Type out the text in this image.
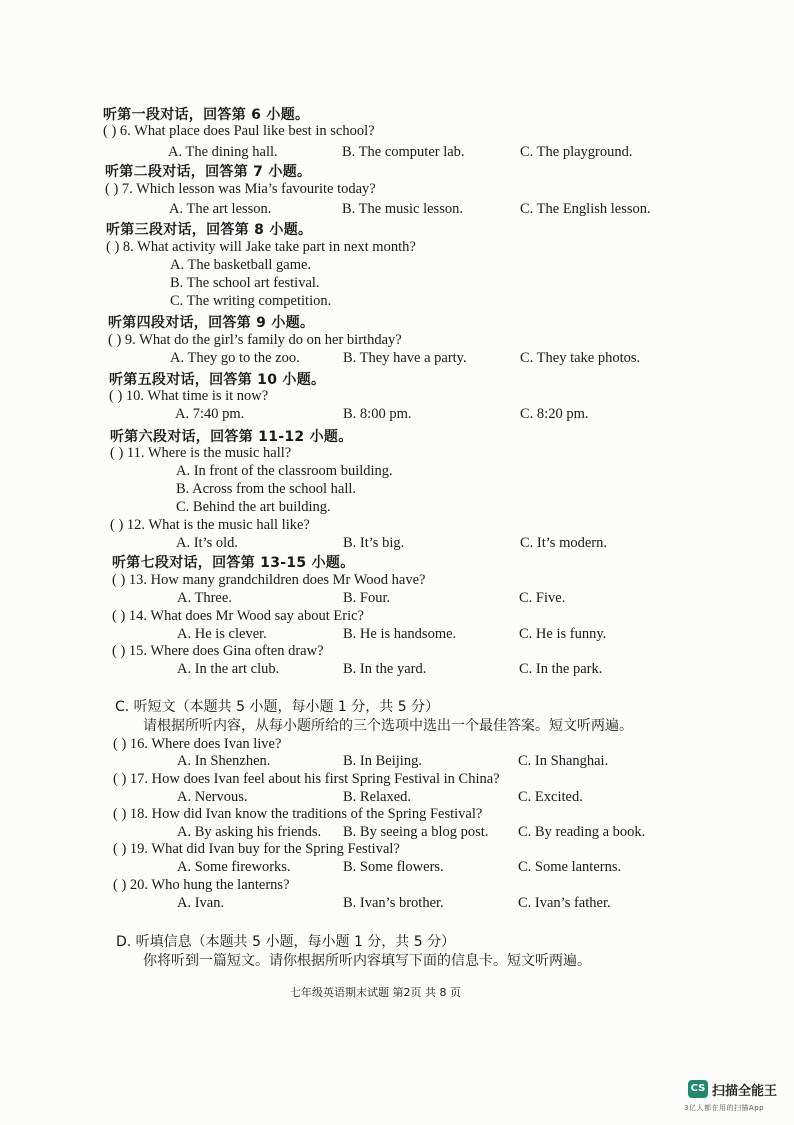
听第一段对话，回答第 6 小题。
( ) 6. What place does Paul like best in school?
A. The dining hall.	B. The computer lab.	C. The playground.
听第二段对话，回答第 7 小题。
( ) 7. Which lesson was Mia’s favourite today?
A. The art lesson.	B. The music lesson.	C. The English lesson.
听第三段对话，回答第 8 小题。
( ) 8. What activity will Jake take part in next month?
A. The basketball game.
B. The school art festival.
C. The writing competition.
听第四段对话，回答第 9 小题。
( ) 9. What do the girl’s family do on her birthday?
A. They go to the zoo.	B. They have a party.	C. They take photos.
听第五段对话，回答第 10 小题。
( ) 10. What time is it now?
A. 7:40 pm.	B. 8:00 pm.	C. 8:20 pm.
听第六段对话，回答第 11-12 小题。
( ) 11. Where is the music hall?
A. In front of the classroom building.
B. Across from the school hall.
C. Behind the art building.
( ) 12. What is the music hall like?
A. It’s old.	B. It’s big.	C. It’s modern.
听第七段对话，回答第 13-15 小题。
( ) 13. How many grandchildren does Mr Wood have?
A. Three.	B. Four.	C. Five.
( ) 14. What does Mr Wood say about Eric?
A. He is clever.	B. He is handsome.	C. He is funny.
( ) 15. Where does Gina often draw?
A. In the art club.	B. In the yard.	C. In the park.
C. 听短文（本题共 5 小题，每小题 1 分，共 5 分）
请根据所听内容，从每小题所给的三个选项中选出一个最佳答案。短文听两遍。
( ) 16. Where does Ivan live?
A. In Shenzhen.	B. In Beijing.	C. In Shanghai.
( ) 17. How does Ivan feel about his first Spring Festival in China?
A. Nervous.	B. Relaxed.	C. Excited.
( ) 18. How did Ivan know the traditions of the Spring Festival?
A. By asking his friends. B. By seeing a blog post. C. By reading a book.
( ) 19. What did Ivan buy for the Spring Festival?
A. Some fireworks.	B. Some flowers.	C. Some lanterns.
( ) 20. Who hung the lanterns?
A. Ivan.	B. Ivan’s brother.	C. Ivan’s father.
D. 听填信息（本题共 5 小题，每小题 1 分，共 5 分）
你将听到一篇短文。请你根据所听内容填写下面的信息卡。短文听两遍。
七年级英语期末试题 第2页 共 8 页
CS 扫描全能王
3亿人都在用的扫描App
